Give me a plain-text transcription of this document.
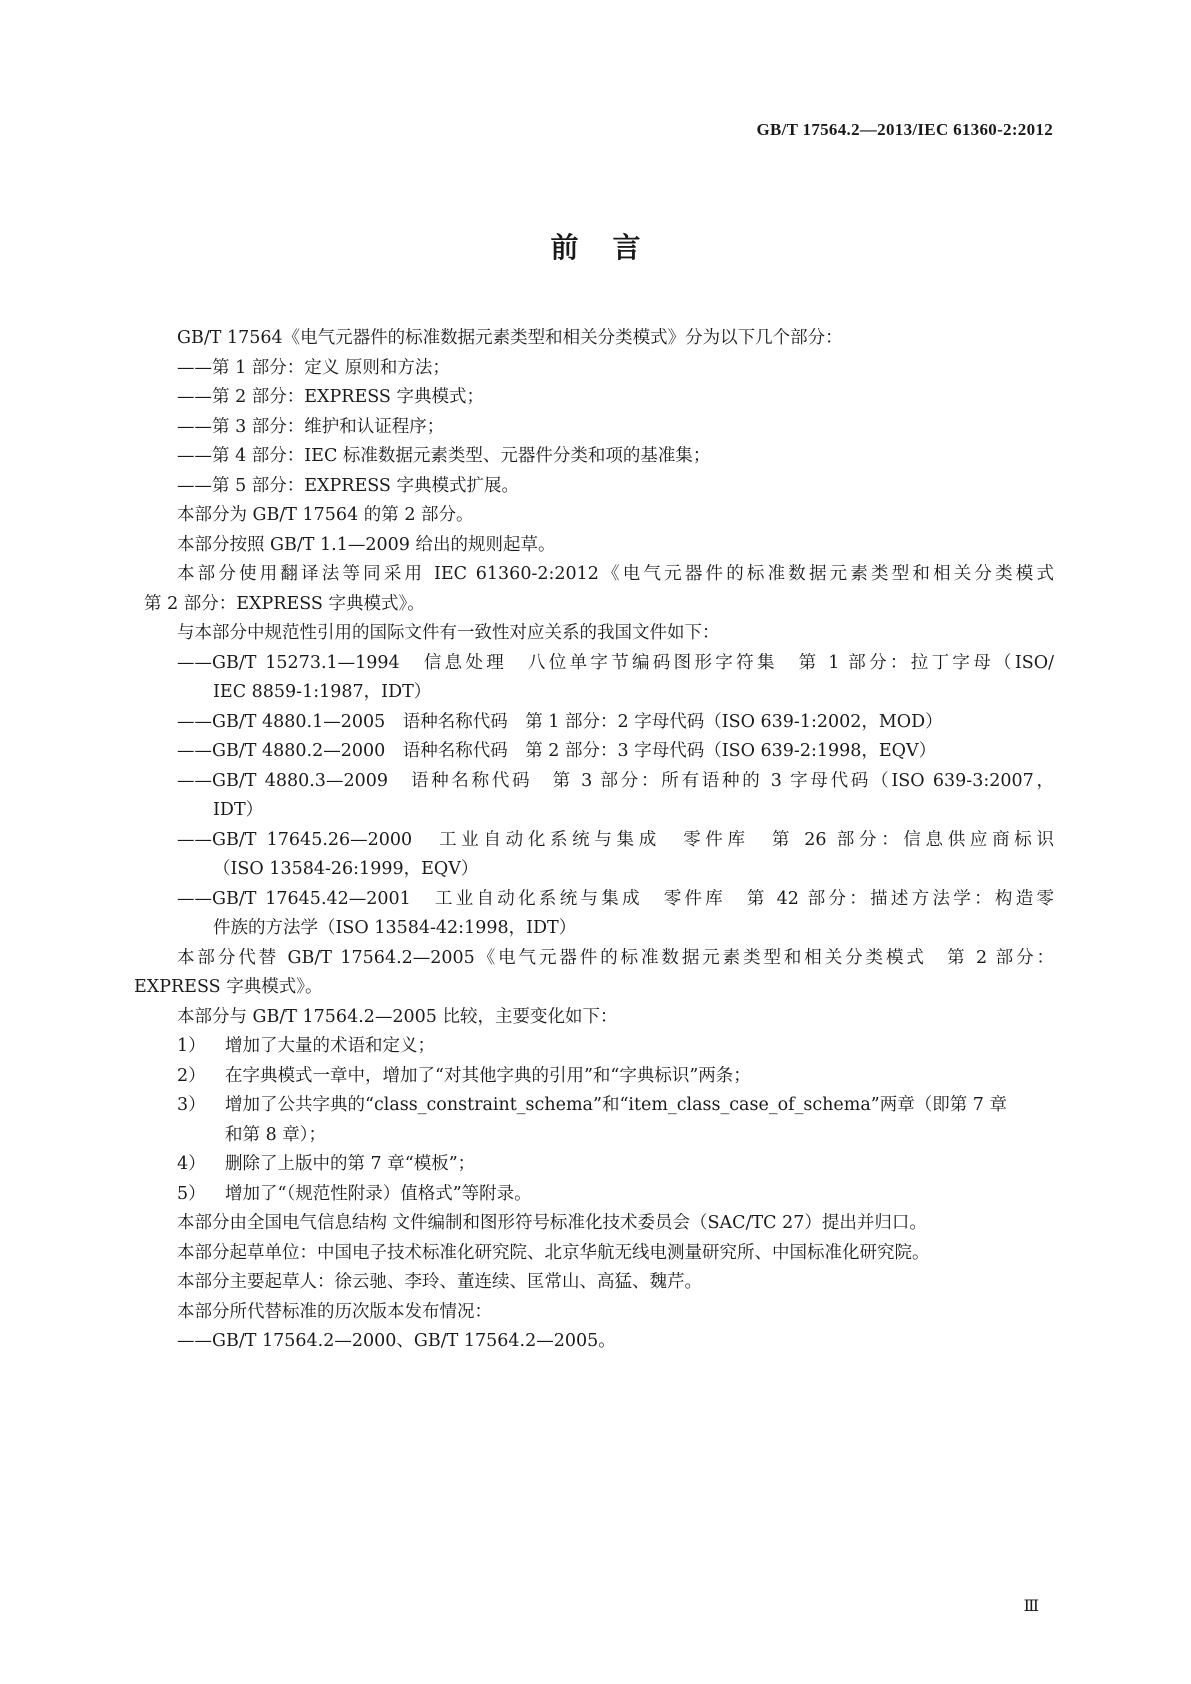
GB/T 17564.2—2013/IEC 61360-2:2012
前言
GB/T 17564《电气元器件的标准数据元素类型和相关分类模式》分为以下几个部分：
——第 1 部分：定义 原则和方法；
——第 2 部分：EXPRESS 字典模式；
——第 3 部分：维护和认证程序；
——第 4 部分：IEC 标准数据元素类型、元器件分类和项的基准集；
——第 5 部分：EXPRESS 字典模式扩展。
本部分为 GB/T 17564 的第 2 部分。
本部分按照 GB/T 1.1—2009 给出的规则起草。
本部分使用翻译法等同采用 IEC 61360-2:2012《电气元器件的标准数据元素类型和相关分类模式
第 2 部分：EXPRESS 字典模式》。
与本部分中规范性引用的国际文件有一致性对应关系的我国文件如下：
——GB/T 15273.1—1994　信息处理　八位单字节编码图形字符集　第 1 部分：拉丁字母（ISO/
IEC 8859-1:1987，IDT）
——GB/T 4880.1—2005　语种名称代码　第 1 部分：2 字母代码（ISO 639-1:2002，MOD）
——GB/T 4880.2—2000　语种名称代码　第 2 部分：3 字母代码（ISO 639-2:1998，EQV）
——GB/T 4880.3—2009　语种名称代码　第 3 部分：所有语种的 3 字母代码（ISO 639-3:2007，
IDT）
——GB/T 17645.26—2000　工业自动化系统与集成　零件库　第 26 部分：信息供应商标识
（ISO 13584-26:1999，EQV）
——GB/T 17645.42—2001　工业自动化系统与集成　零件库　第 42 部分：描述方法学：构造零
件族的方法学（ISO 13584-42:1998，IDT）
本部分代替 GB/T 17564.2—2005《电气元器件的标准数据元素类型和相关分类模式　第 2 部分：
EXPRESS 字典模式》。
本部分与 GB/T 17564.2—2005 比较，主要变化如下：
1）	增加了大量的术语和定义；
2）	在字典模式一章中，增加了“对其他字典的引用”和“字典标识”两条；
3）	增加了公共字典的“class_constraint_schema”和“item_class_case_of_schema”两章（即第 7 章
和第 8 章）；
4）	删除了上版中的第 7 章“模板”；
5）	增加了“（规范性附录）值格式”等附录。
本部分由全国电气信息结构 文件编制和图形符号标准化技术委员会（SAC/TC 27）提出并归口。
本部分起草单位：中国电子技术标准化研究院、北京华航无线电测量研究所、中国标准化研究院。
本部分主要起草人：徐云驰、李玲、董连续、匡常山、高猛、魏芹。
本部分所代替标准的历次版本发布情况：
——GB/T 17564.2—2000、GB/T 17564.2—2005。
Ⅲ
